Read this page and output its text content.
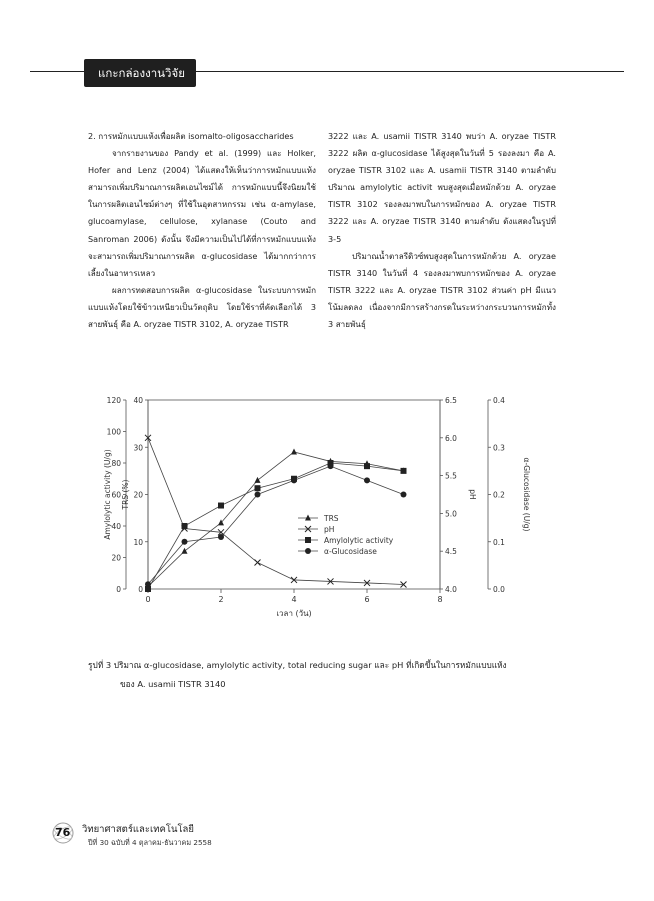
แกะกล่องงานวิจัย

2. การหมักแบบแห้งเพื่อผลิต isomalto-oligosaccharides

จากรายงานของ Pandy et al. (1999) และ Holker, Hofer and Lenz (2004) ได้แสดงให้เห็นว่าการหมักแบบแห้งสามารถเพิ่มปริมาณการผลิตเอนไซม์ได้ การหมักแบบนี้จึงนิยมใช้ในการผลิตเอนไซม์ต่างๆ ที่ใช้ในอุตสาหกรรม เช่น α-amylase, glucoamylase, cellulose, xylanase (Couto and Sanroman 2006) ดังนั้น จึงมีความเป็นไปได้ที่การหมักแบบแห้งจะสามารถเพิ่มปริมาณการผลิต α-glucosidase ได้มากกว่าการเลี้ยงในอาหารเหลว

ผลการทดสอบการผลิต α-glucosidase ในระบบการหมักแบบแห้งโดยใช้ข้าวเหนียวเป็นวัตถุดิบ โดยใช้ราที่คัดเลือกได้ 3 สายพันธุ์ คือ A. oryzae TISTR 3102, A. oryzae TISTR

3222 และ A. usamii TISTR 3140 พบว่า A. oryzae TISTR 3222 ผลิต α-glucosidase ได้สูงสุดในวันที่ 5 รองลงมา คือ A. oryzae TISTR 3102 และ A. usamii TISTR 3140 ตามลำดับ ปริมาณ amylolytic activit พบสูงสุดเมื่อหมักด้วย A. oryzae TISTR 3102 รองลงมาพบในการหมักของ A. oryzae TISTR 3222 และ A. oryzae TISTR 3140 ตามลำดับ ดังแสดงในรูปที่ 3-5

ปริมาณน้ำตาลรีดิวซ์พบสูงสุดในการหมักด้วย A. oryzae TISTR 3140 ในวันที่ 4 รองลงมาพบการหมักของ A. oryzae TISTR 3222 และ A. oryzae TISTR 3102 ส่วนค่า pH มีแนวโน้มลดลง เนื่องจากมีการสร้างกรดในระหว่างกระบวนการหมักทั้ง 3 สายพันธุ์

0	2	4	6	8
เวลา (วัน)
0
20
40
60
80
100
120
Amylolytic activity (U/g)
0
10
20
30
40
TRS (%)
4.0
4.5
5.0
5.5
6.0
6.5
pH
0.0
0.1
0.2
0.3
0.4
α-Glucosidase (U/g)
TRS
pH
Amylolytic activity
α-Glucosidase
รูปที่ 3 ปริมาณ α-glucosidase, amylolytic activity, total reducing sugar และ pH ที่เกิดขึ้นในการหมักแบบแห้ง
ของ A. usamii TISTR 3140
76 วิทยาศาสตร์และเทคโนโลยี
ปีที่ 30 ฉบับที่ 4 ตุลาคม-ธันวาคม 2558
